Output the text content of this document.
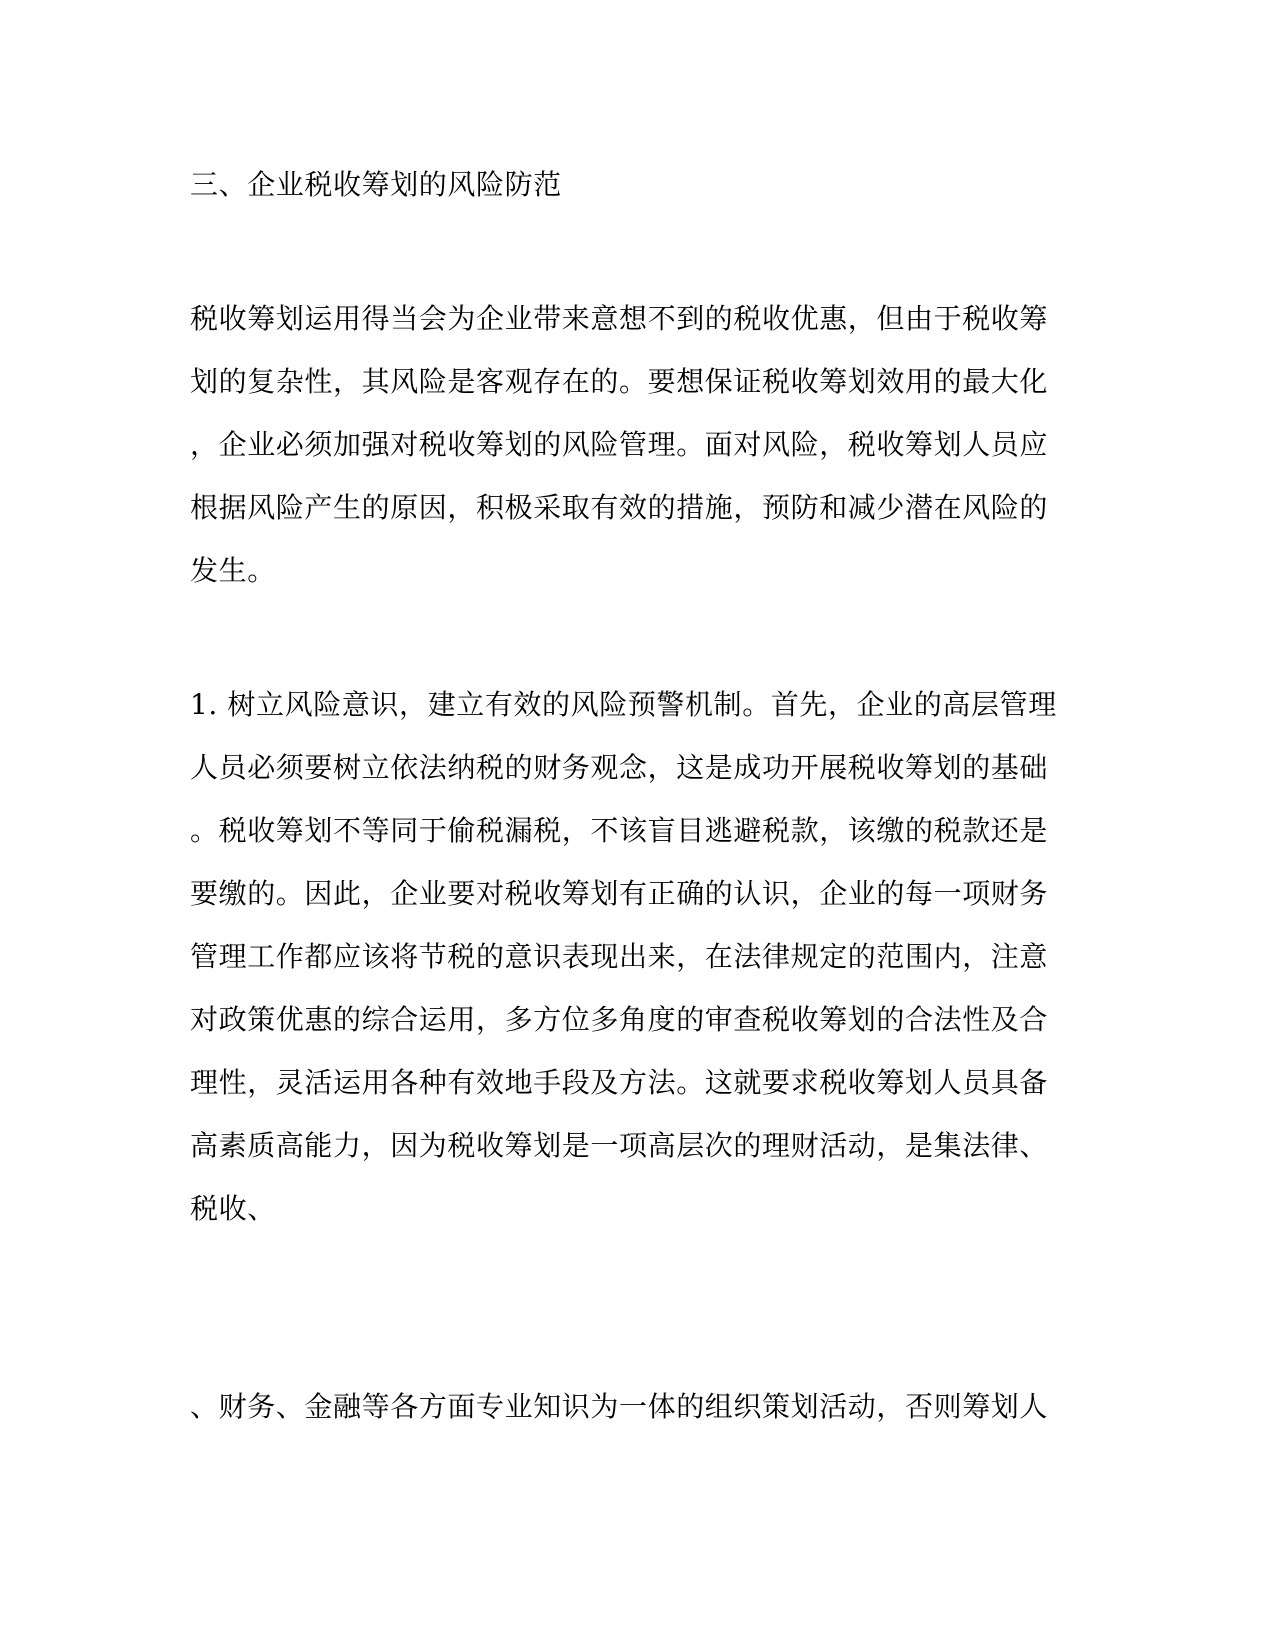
三、企业税收筹划的风险防范
税收筹划运用得当会为企业带来意想不到的税收优惠，但由于税收筹
划的复杂性，其风险是客观存在的。要想保证税收筹划效用的最大化
，企业必须加强对税收筹划的风险管理。面对风险，税收筹划人员应
根据风险产生的原因，积极采取有效的措施，预防和减少潜在风险的
发生。
1. 树立风险意识，建立有效的风险预警机制。首先，企业的高层管理
人员必须要树立依法纳税的财务观念，这是成功开展税收筹划的基础
。税收筹划不等同于偷税漏税，不该盲目逃避税款，该缴的税款还是
要缴的。因此，企业要对税收筹划有正确的认识，企业的每一项财务
管理工作都应该将节税的意识表现出来，在法律规定的范围内，注意
对政策优惠的综合运用，多方位多角度的审查税收筹划的合法性及合
理性，灵活运用各种有效地手段及方法。这就要求税收筹划人员具备
高素质高能力，因为税收筹划是一项高层次的理财活动，是集法律、
税收、
、财务、金融等各方面专业知识为一体的组织策划活动，否则筹划人
